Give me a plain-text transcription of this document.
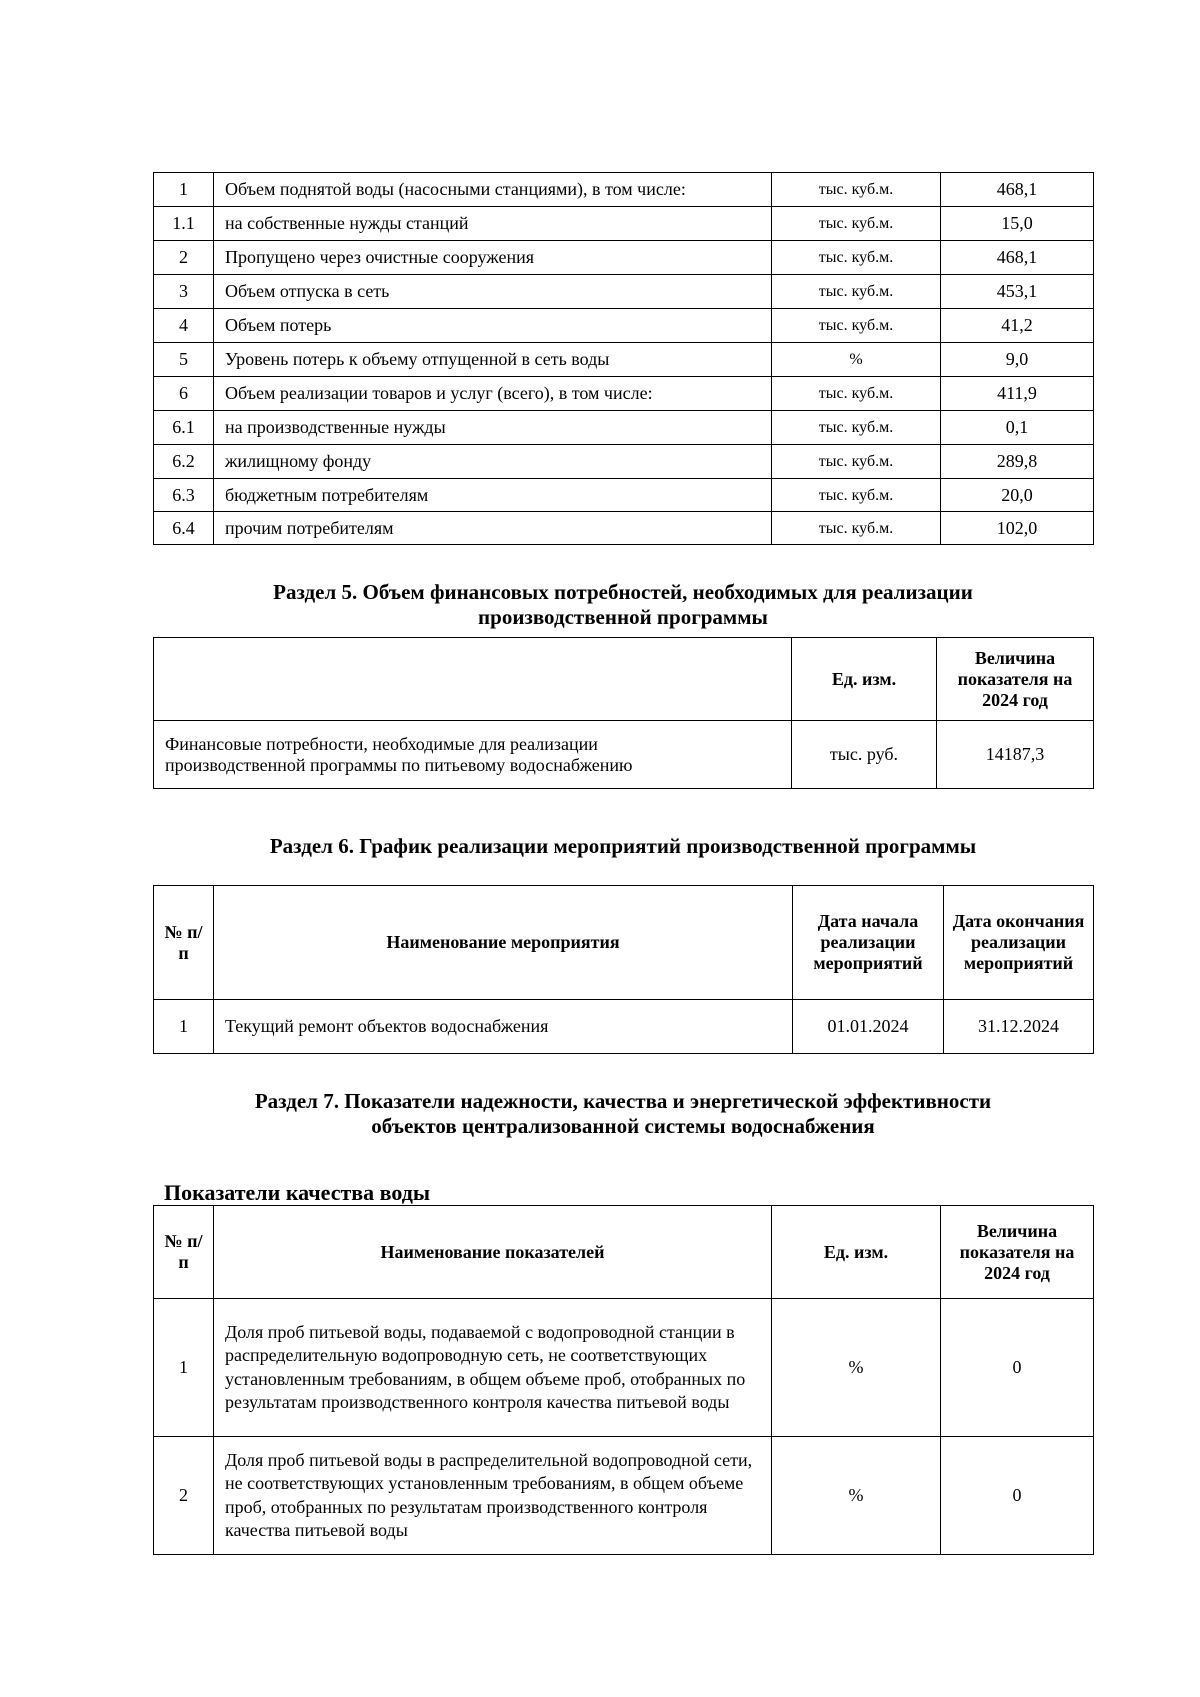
1	Объем поднятой воды (насосными станциями), в том числе:	тыс. куб.м.	468,1
1.1	на собственные нужды станций	тыс. куб.м.	15,0
2	Пропущено через очистные сооружения	тыс. куб.м.	468,1
3	Объем отпуска в сеть	тыс. куб.м.	453,1
4	Объем потерь	тыс. куб.м.	41,2
5	Уровень потерь к объему отпущенной в сеть воды	%	9,0
6	Объем реализации товаров и услуг (всего), в том числе:	тыс. куб.м.	411,9
6.1	на производственные нужды	тыс. куб.м.	0,1
6.2	жилищному фонду	тыс. куб.м.	289,8
6.3	бюджетным потребителям	тыс. куб.м.	20,0
6.4	прочим потребителям	тыс. куб.м.	102,0
Раздел 5. Объем финансовых потребностей, необходимых для реализации
производственной программы
	Ед. изм.	Величина показателя на 2024 год

Финансовые потребности, необходимые для реализации
производственной программы по питьевому водоснабжению	тыс. руб.	14187,3
Раздел 6. График реализации мероприятий производственной программы
№ п/п	Наименование мероприятия	Дата начала реализации мероприятий	Дата окончания реализации мероприятий
1	Текущий ремонт объектов водоснабжения	01.01.2024	31.12.2024
Раздел 7. Показатели надежности, качества и энергетической эффективности
объектов централизованной системы водоснабжения
Показатели качества воды
№ п/п	Наименование показателей	Ед. изм.	Величина показателя на 2024 год
1	Доля проб питьевой воды, подаваемой с водопроводной станции в распределительную водопроводную сеть, не соответствующих установленным требованиям, в общем объеме проб, отобранных по результатам производственного контроля качества питьевой воды	%	0
2	Доля проб питьевой воды в распределительной водопроводной сети, не соответствующих установленным требованиям, в общем объеме проб, отобранных по результатам производственного контроля качества питьевой воды	%	0
